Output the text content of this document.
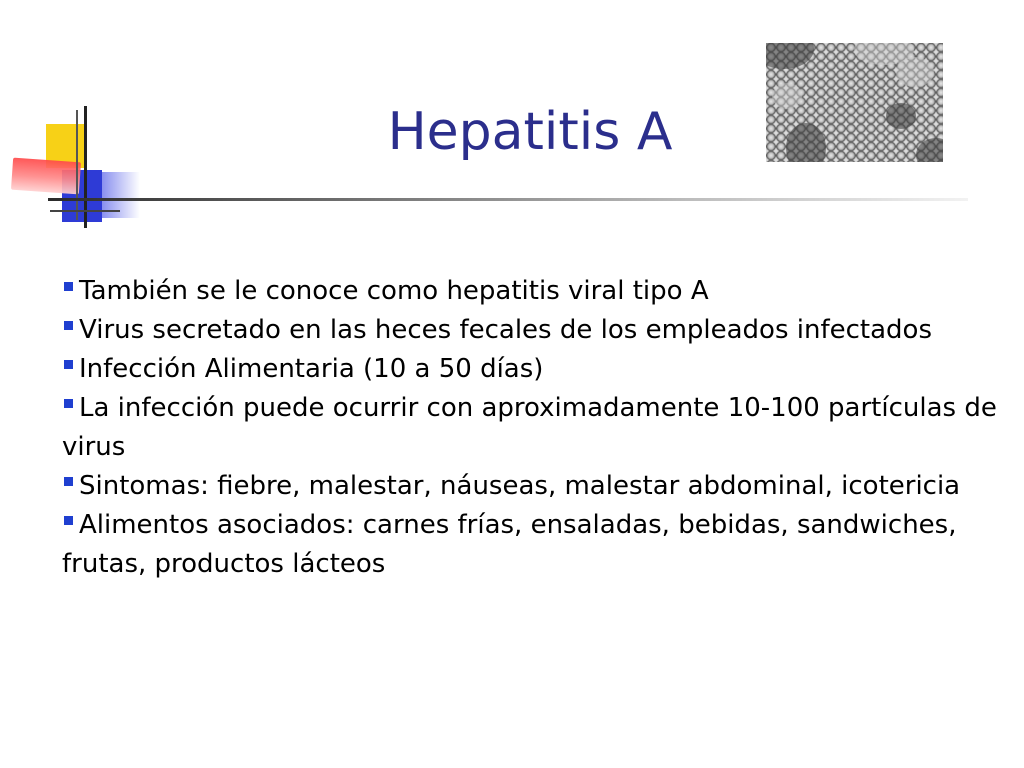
Hepatitis A
También se le conoce como hepatitis viral tipo A
Virus secretado en las heces fecales de los empleados infectados
Infección Alimentaria (10 a 50 días)
La infección puede ocurrir con aproximadamente 10-100 partículas de virus
Sintomas: fiebre, malestar, náuseas, malestar abdominal, icotericia
Alimentos asociados: carnes frías, ensaladas, bebidas, sandwiches, frutas, productos lácteos
